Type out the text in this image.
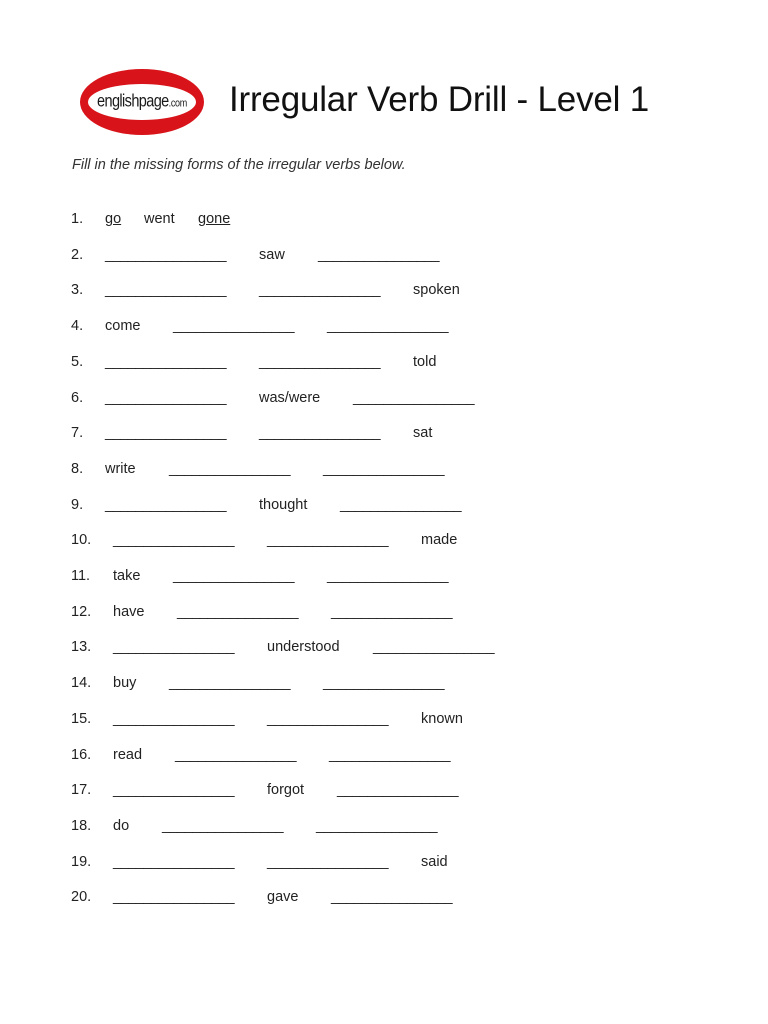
englishpage.com Irregular Verb Drill - Level 1
Fill in the missing forms of the irregular verbs below.
1. go went gone
2. ________________ saw ________________
3. ________________ ________________ spoken
4. come ________________ ________________
5. ________________ ________________ told
6. ________________ was/were ________________
7. ________________ ________________ sat
8. write ________________ ________________
9. ________________ thought ________________
10. ________________ ________________ made
11. take ________________ ________________
12. have ________________ ________________
13. ________________ understood ________________
14. buy ________________ ________________
15. ________________ ________________ known
16. read ________________ ________________
17. ________________ forgot ________________
18. do ________________ ________________
19. ________________ ________________ said
20. ________________ gave ________________
